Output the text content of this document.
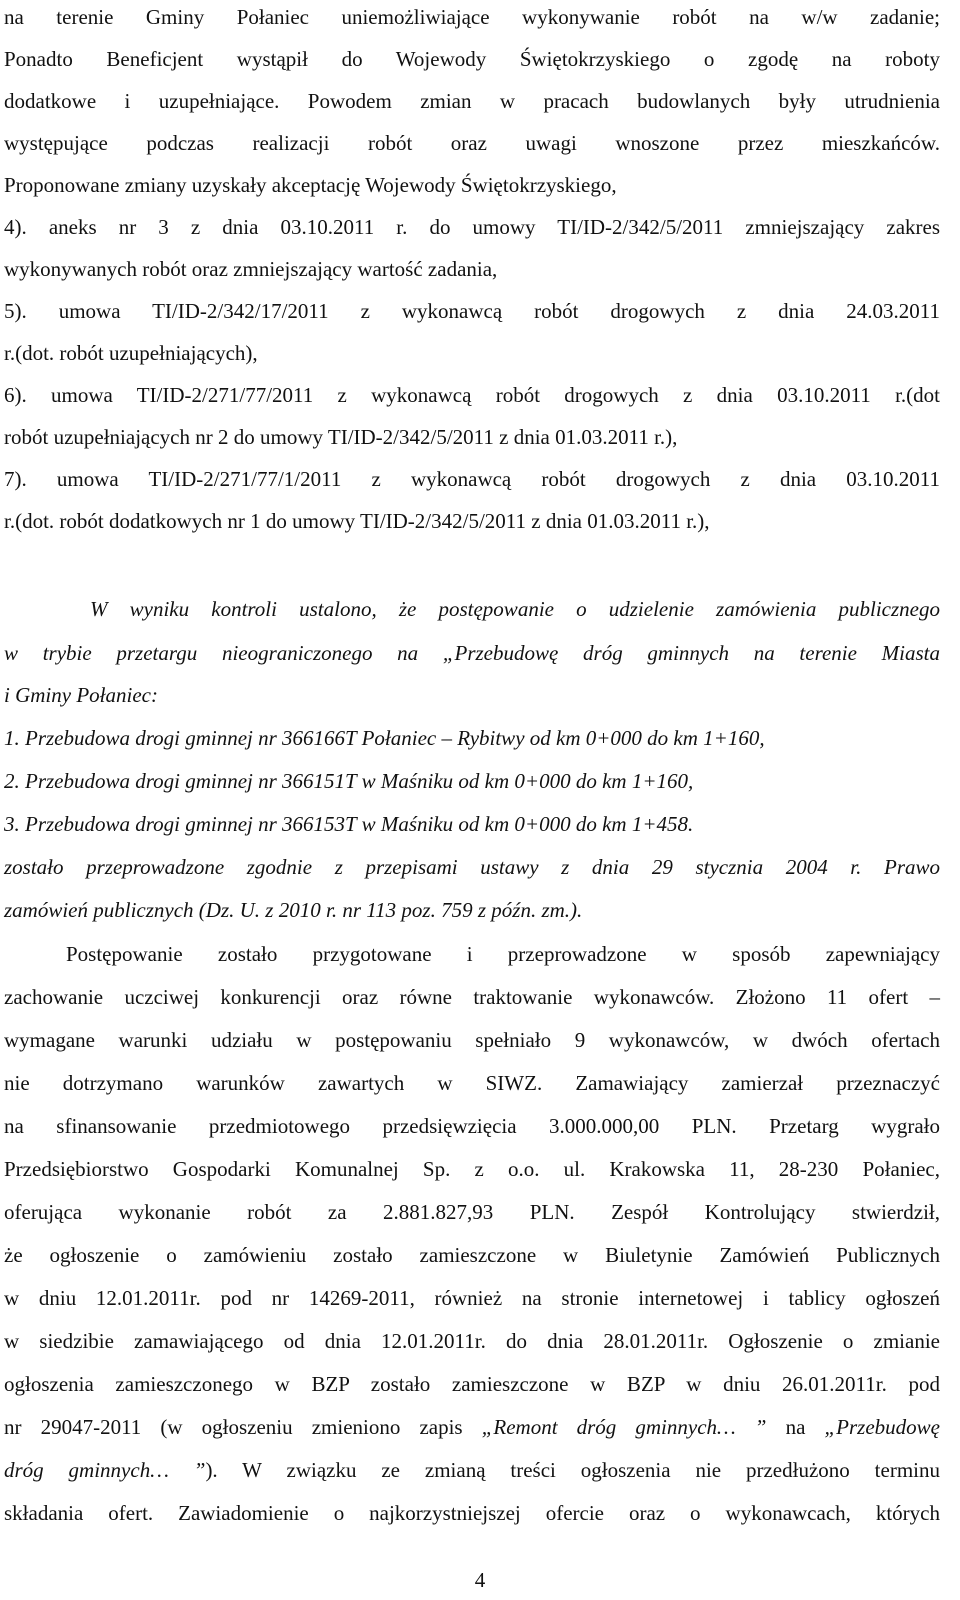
na terenie Gminy Połaniec uniemożliwiające wykonywanie robót na w/w zadanie;
Ponadto Beneficjent wystąpił do Wojewody Świętokrzyskiego o zgodę na roboty
dodatkowe i uzupełniające. Powodem zmian w pracach budowlanych były utrudnienia
występujące podczas realizacji robót oraz uwagi wnoszone przez mieszkańców.
Proponowane zmiany uzyskały akceptację Wojewody Świętokrzyskiego,
4). aneks nr 3 z dnia 03.10.2011 r. do umowy TI/ID-2/342/5/2011 zmniejszający zakres
wykonywanych robót oraz zmniejszający wartość zadania,
5). umowa TI/ID-2/342/17/2011 z wykonawcą robót drogowych z dnia 24.03.2011
r.(dot. robót uzupełniających),
6). umowa TI/ID-2/271/77/2011 z wykonawcą robót drogowych z dnia 03.10.2011 r.(dot
robót uzupełniających nr 2 do umowy TI/ID-2/342/5/2011 z dnia 01.03.2011 r.),
7). umowa TI/ID-2/271/77/1/2011 z wykonawcą robót drogowych z dnia 03.10.2011
r.(dot. robót dodatkowych nr 1 do umowy TI/ID-2/342/5/2011 z dnia 01.03.2011 r.),
W wyniku kontroli ustalono, że postępowanie o udzielenie zamówienia publicznego
w trybie przetargu nieograniczonego na „Przebudowę dróg gminnych na terenie Miasta
i Gminy Połaniec:
1. Przebudowa drogi gminnej nr 366166T Połaniec – Rybitwy od km 0+000 do km 1+160,
2. Przebudowa drogi gminnej nr 366151T w Maśniku od km 0+000 do km 1+160,
3. Przebudowa drogi gminnej nr 366153T w Maśniku od km 0+000 do km 1+458.
zostało przeprowadzone zgodnie z przepisami ustawy z dnia 29 stycznia 2004 r. Prawo
zamówień publicznych (Dz. U. z 2010 r. nr 113 poz. 759 z późn. zm.).
Postępowanie zostało przygotowane i przeprowadzone w sposób zapewniający
zachowanie uczciwej konkurencji oraz równe traktowanie wykonawców. Złożono 11 ofert –
wymagane warunki udziału w postępowaniu spełniało 9 wykonawców, w dwóch ofertach
nie dotrzymano warunków zawartych w SIWZ. Zamawiający zamierzał przeznaczyć
na sfinansowanie przedmiotowego przedsięwzięcia 3.000.000,00 PLN. Przetarg wygrało
Przedsiębiorstwo Gospodarki Komunalnej Sp. z o.o. ul. Krakowska 11, 28-230 Połaniec,
oferująca wykonanie robót za 2.881.827,93 PLN. Zespół Kontrolujący stwierdził,
że ogłoszenie o zamówieniu zostało zamieszczone w Biuletynie Zamówień Publicznych
w dniu 12.01.2011r. pod nr 14269-2011, również na stronie internetowej i tablicy ogłoszeń
w siedzibie zamawiającego od dnia 12.01.2011r. do dnia 28.01.2011r. Ogłoszenie o zmianie
ogłoszenia zamieszczonego w BZP zostało zamieszczone w BZP w dniu 26.01.2011r. pod
nr 29047-2011 (w ogłoszeniu zmieniono zapis „Remont dróg gminnych… ” na „Przebudowę
dróg gminnych… ”). W związku ze zmianą treści ogłoszenia nie przedłużono terminu
składania ofert. Zawiadomienie o najkorzystniejszej ofercie oraz o wykonawcach, których
4
